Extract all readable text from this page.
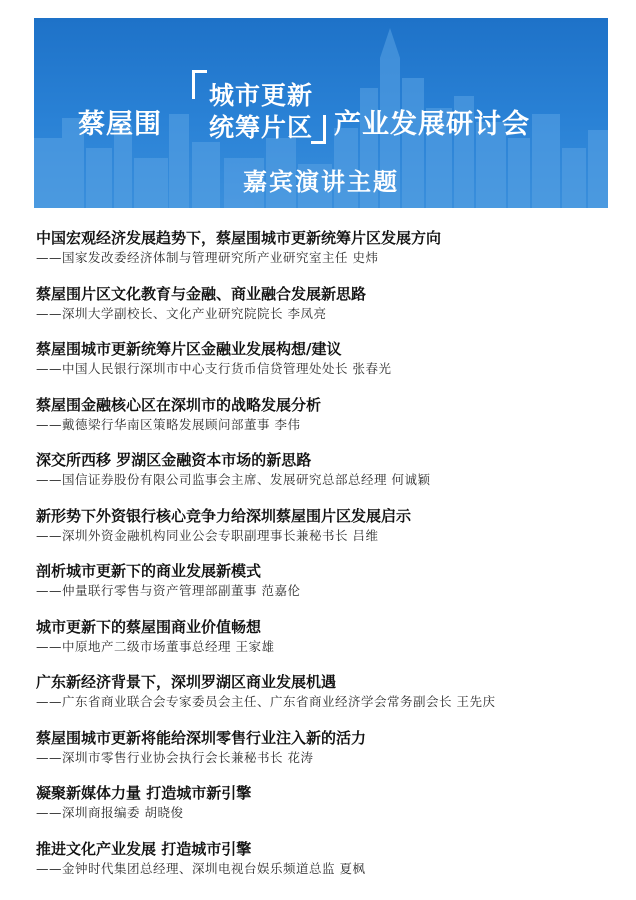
蔡屋围
城市更新
统筹片区 产业发展研讨会
嘉宾演讲主题
中国宏观经济发展趋势下，蔡屋围城市更新统筹片区发展方向
——国家发改委经济体制与管理研究所产业研究室主任 史炜
蔡屋围片区文化教育与金融、商业融合发展新思路
——深圳大学副校长、文化产业研究院院长 李凤亮
蔡屋围城市更新统筹片区金融业发展构想/建议
——中国人民银行深圳市中心支行货币信贷管理处处长 张春光
蔡屋围金融核心区在深圳市的战略发展分析
——戴德梁行华南区策略发展顾问部董事 李伟
深交所西移 罗湖区金融资本市场的新思路
——国信证券股份有限公司监事会主席、发展研究总部总经理 何诚颖
新形势下外资银行核心竞争力给深圳蔡屋围片区发展启示
——深圳外资金融机构同业公会专职副理事长兼秘书长 吕维
剖析城市更新下的商业发展新模式
——仲量联行零售与资产管理部副董事 范嘉伦
城市更新下的蔡屋围商业价值畅想
——中原地产二级市场董事总经理 王家雄
广东新经济背景下，深圳罗湖区商业发展机遇
——广东省商业联合会专家委员会主任、广东省商业经济学会常务副会长 王先庆
蔡屋围城市更新将能给深圳零售行业注入新的活力
——深圳市零售行业协会执行会长兼秘书长 花涛
凝聚新媒体力量 打造城市新引擎
——深圳商报编委 胡晓俊
推进文化产业发展 打造城市引擎
——金钟时代集团总经理、深圳电视台娱乐频道总监 夏枫
